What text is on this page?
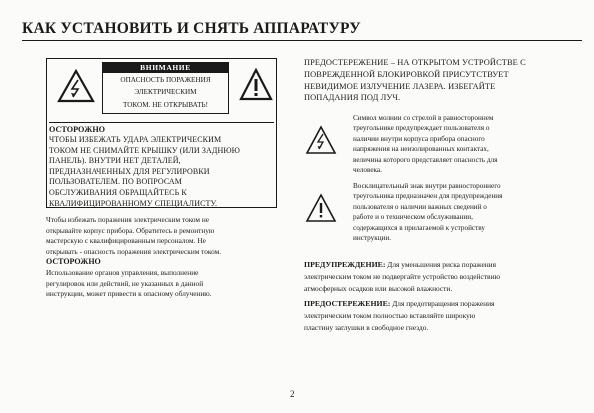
КАК УСТАНОВИТЬ И СНЯТЬ АППАРАТУРУ
ВНИМАНИЕ
ОПАСНОСТЬ ПОРАЖЕНИЯ
ЭЛЕКТРИЧЕСКИМ
ТОКОМ. НЕ ОТКРЫВАТЬ!
ОСТОРОЖНО
ЧТОБЫ ИЗБЕЖАТЬ УДАРА ЭЛЕКТРИЧЕСКИМ
ТОКОМ НЕ СНИМАЙТЕ КРЫШКУ (ИЛИ ЗАДНЮЮ
ПАНЕЛЬ). ВНУТРИ НЕТ ДЕТАЛЕЙ,
ПРЕДНАЗНАЧЕННЫХ ДЛЯ РЕГУЛИРОВКИ
ПОЛЬЗОВАТЕЛЕМ. ПО ВОПРОСАМ
ОБСЛУЖИВАНИЯ ОБРАЩАЙТЕСЬ К
КВАЛИФИЦИРОВАННОМУ СПЕЦИАЛИСТУ.
Чтобы избежать поражения электрическим током не
открывайте корпус прибора. Обратитесь в ремонтную
мастерскую с квалифицированным персоналом. Не
открывать - опасность поражения электрическим током.
ОСТОРОЖНО
Использование органов управления, выполнение
регулировок или действий, не указанных в данной
инструкции, может привести к опасному облучению.
ПРЕДОСТЕРЕЖЕНИЕ – НА ОТКРЫТОМ УСТРОЙСТВЕ С
ПОВРЕЖДЕННОЙ БЛОКИРОВКОЙ ПРИСУТСТВУЕТ
НЕВИДИМОЕ ИЗЛУЧЕНИЕ ЛАЗЕРА. ИЗБЕГАЙТЕ
ПОПАДАНИЯ ПОД ЛУЧ.
Символ молнии со стрелой в равностороннем
треугольнике предупреждает пользователя о
наличии внутри корпуса прибора опасного
напряжения на неизолированных контактах,
величина которого представляет опасность для
человека.
Восклицательный знак внутри равностороннего
треугольника предназначен для предупреждения
пользователя о наличии важных сведений о
работе и о техническом обслуживании,
содержащихся в прилагаемой к устройству
инструкции.
ПРЕДУПРЕЖДЕНИЕ: Для уменьшения риска поражения
электрическим током не подвергайте устройство воздействию
атмосферных осадков или высокой влажности.
ПРЕДОСТЕРЕЖЕНИЕ: Для предотвращения поражения
электрическим током полностью вставляйте широкую
пластину заглушки в свободное гнездо.
2
